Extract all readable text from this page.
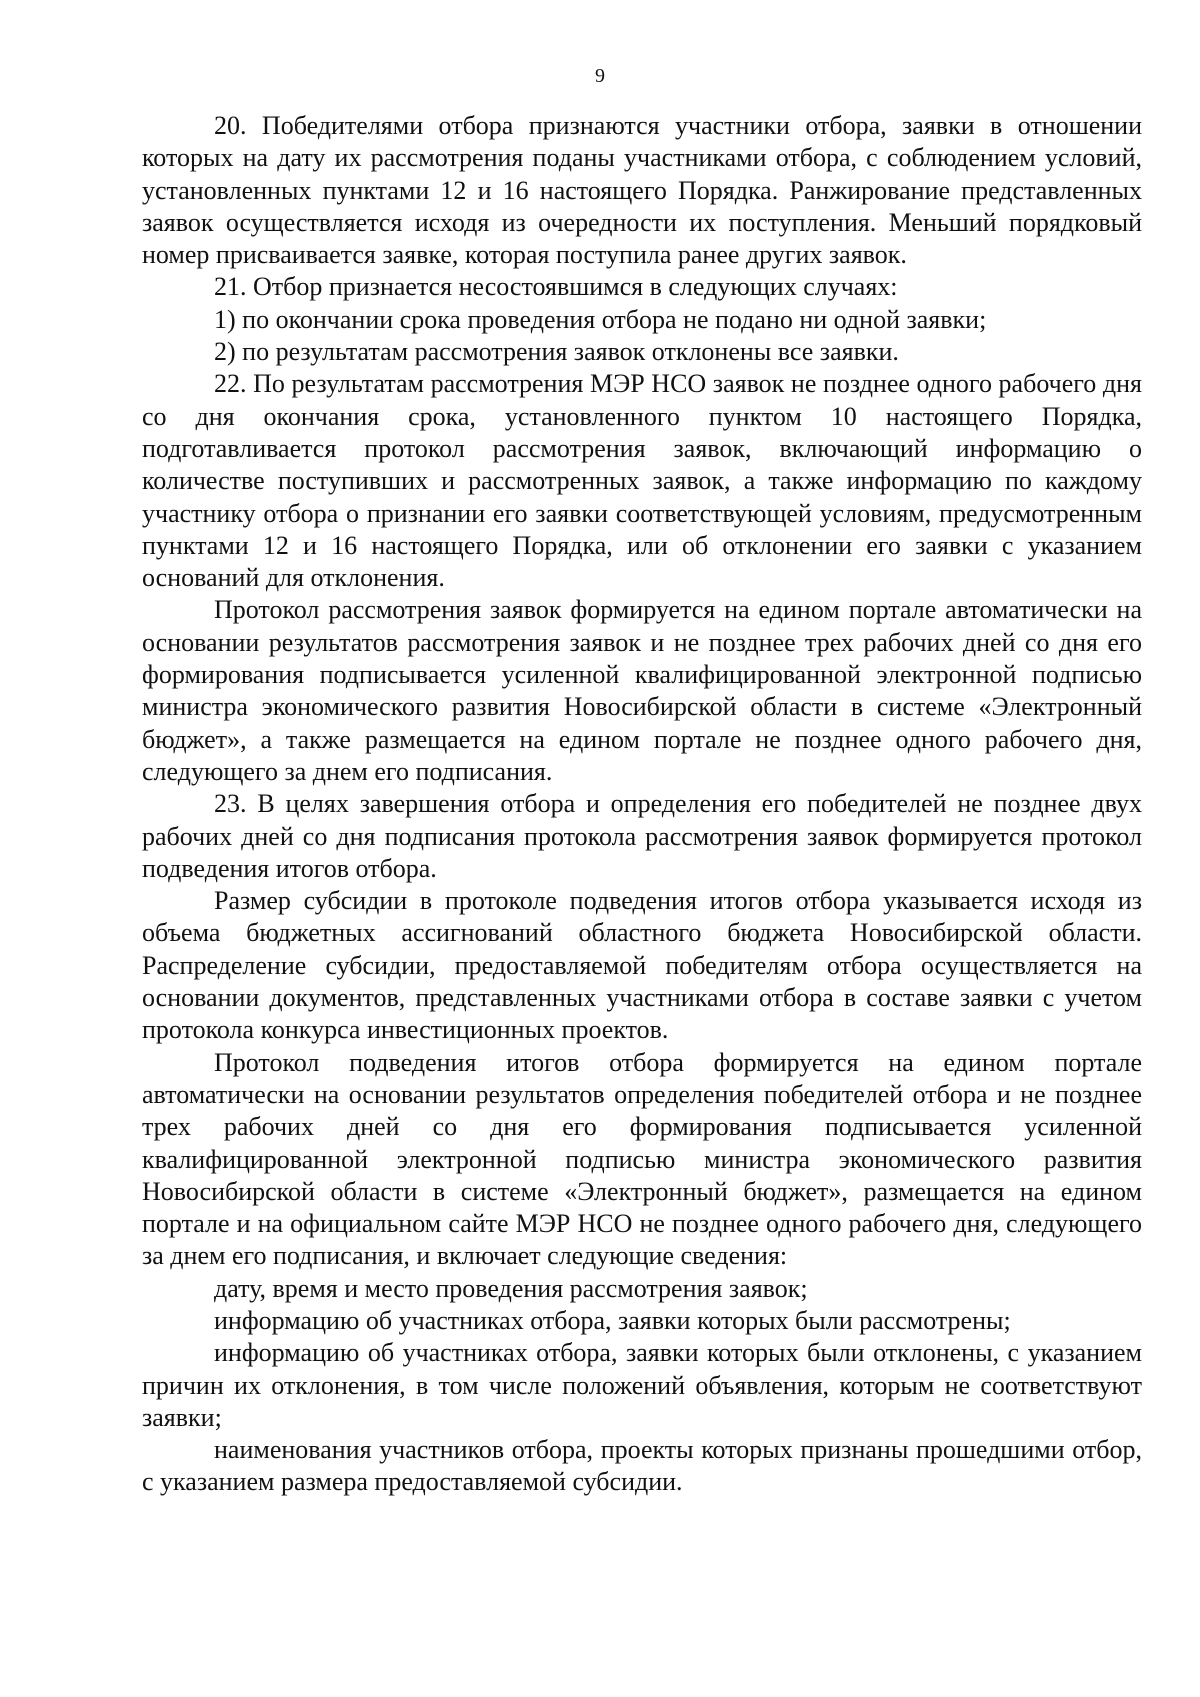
9

20. Победителями отбора признаются участники отбора, заявки в отношении которых на дату их рассмотрения поданы участниками отбора, с соблюдением условий, установленных пунктами 12 и 16 настоящего Порядка. Ранжирование представленных заявок осуществляется исходя из очередности их поступления. Меньший порядковый номер присваивается заявке, которая поступила ранее других заявок.

21. Отбор признается несостоявшимся в следующих случаях:

1) по окончании срока проведения отбора не подано ни одной заявки;

2) по результатам рассмотрения заявок отклонены все заявки.

22. По результатам рассмотрения МЭР НСО заявок не позднее одного рабочего дня со дня окончания срока, установленного пунктом 10 настоящего Порядка, подготавливается протокол рассмотрения заявок, включающий информацию о количестве поступивших и рассмотренных заявок, а также информацию по каждому участнику отбора о признании его заявки соответствующей условиям, предусмотренным пунктами 12 и 16 настоящего Порядка, или об отклонении его заявки с указанием оснований для отклонения.

Протокол рассмотрения заявок формируется на едином портале автоматически на основании результатов рассмотрения заявок и не позднее трех рабочих дней со дня его формирования подписывается усиленной квалифицированной электронной подписью министра экономического развития Новосибирской области в системе «Электронный бюджет», а также размещается на едином портале не позднее одного рабочего дня, следующего за днем его подписания.

23. В целях завершения отбора и определения его победителей не позднее двух рабочих дней со дня подписания протокола рассмотрения заявок формируется протокол подведения итогов отбора.

Размер субсидии в протоколе подведения итогов отбора указывается исходя из объема бюджетных ассигнований областного бюджета Новосибирской области. Распределение субсидии, предоставляемой победителям отбора осуществляется на основании документов, представленных участниками отбора в составе заявки с учетом протокола конкурса инвестиционных проектов.

Протокол подведения итогов отбора формируется на едином портале автоматически на основании результатов определения победителей отбора и не позднее трех рабочих дней со дня его формирования подписывается усиленной квалифицированной электронной подписью министра экономического развития Новосибирской области в системе «Электронный бюджет», размещается на едином портале и на официальном сайте МЭР НСО не позднее одного рабочего дня, следующего за днем его подписания, и включает следующие сведения:

дату, время и место проведения рассмотрения заявок;

информацию об участниках отбора, заявки которых были рассмотрены;

информацию об участниках отбора, заявки которых были отклонены, с указанием причин их отклонения, в том числе положений объявления, которым не соответствуют заявки;

наименования участников отбора, проекты которых признаны прошедшими отбор, с указанием размера предоставляемой субсидии.
